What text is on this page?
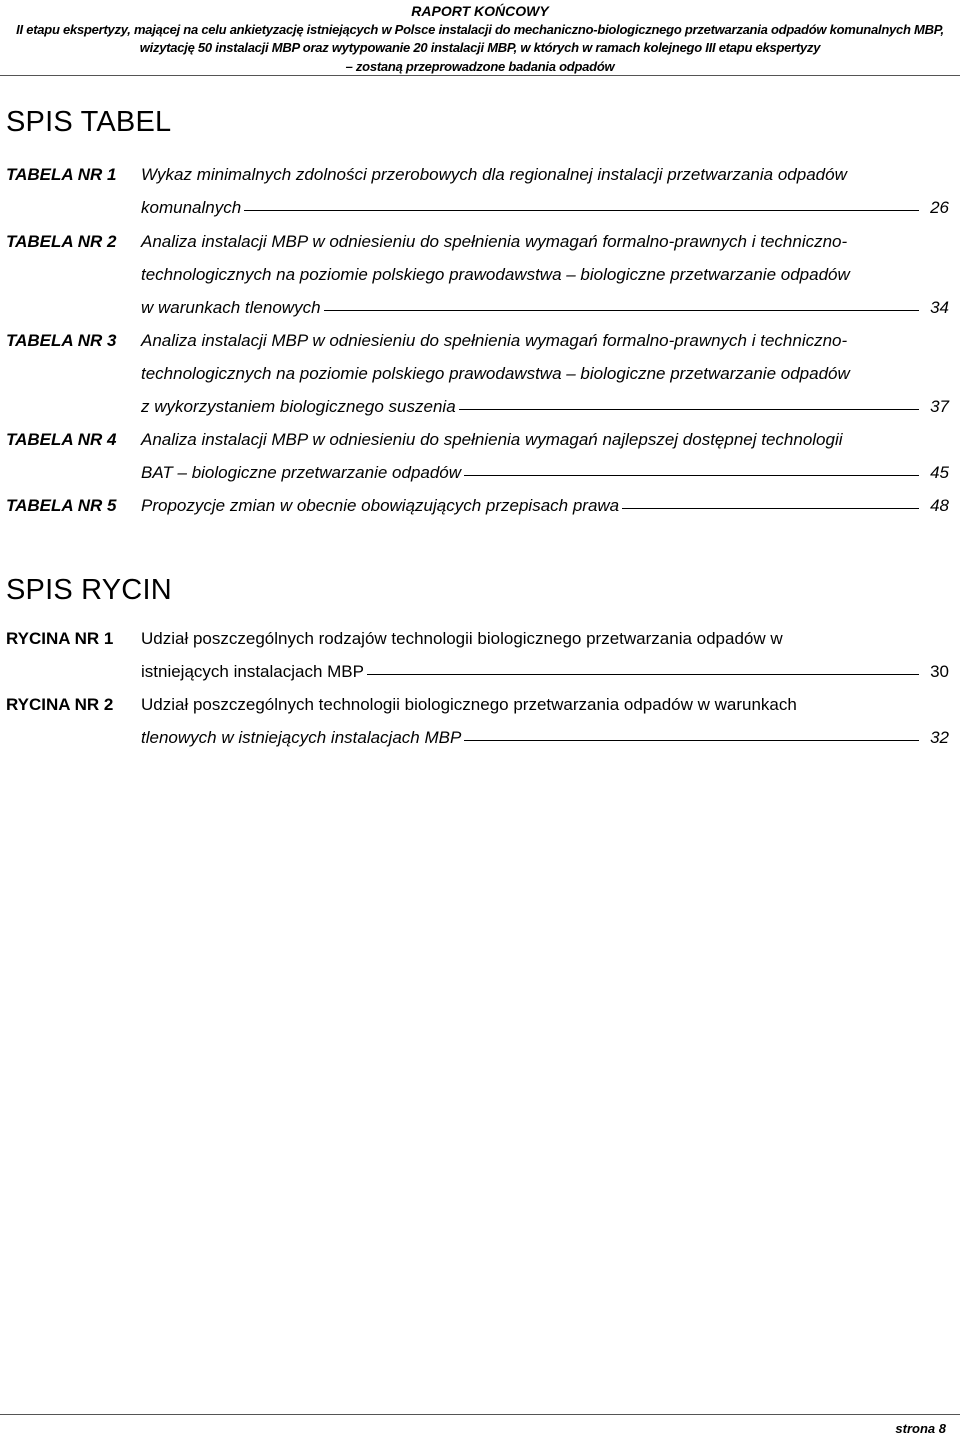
RAPORT KOŃCOWY
II etapu ekspertyzy, mającej na celu ankietyzację istniejących w Polsce instalacji do mechaniczno-biologicznego przetwarzania odpadów komunalnych MBP,
wizytację 50 instalacji MBP oraz wytypowanie 20 instalacji MBP, w których w ramach kolejnego III etapu ekspertyzy
– zostaną przeprowadzone badania odpadów
SPIS TABEL
TABELA NR 1 Wykaz minimalnych zdolności przerobowych dla regionalnej instalacji przetwarzania odpadów
komunalnych	26
TABELA NR 2 Analiza instalacji MBP w odniesieniu do spełnienia wymagań formalno-prawnych i techniczno-
technologicznych na poziomie polskiego prawodawstwa – biologiczne przetwarzanie odpadów
w warunkach tlenowych	34
TABELA NR 3 Analiza instalacji MBP w odniesieniu do spełnienia wymagań formalno-prawnych i techniczno-
technologicznych na poziomie polskiego prawodawstwa – biologiczne przetwarzanie odpadów
z wykorzystaniem biologicznego suszenia	37
TABELA NR 4 Analiza instalacji MBP w odniesieniu do spełnienia wymagań najlepszej dostępnej technologii
BAT – biologiczne przetwarzanie odpadów	45
TABELA NR 5 Propozycje zmian w obecnie obowiązujących przepisach prawa	48
SPIS RYCIN
RYCINA NR 1 Udział poszczególnych rodzajów technologii biologicznego przetwarzania odpadów w
istniejących instalacjach MBP	30
RYCINA NR 2 Udział poszczególnych technologii biologicznego przetwarzania odpadów w warunkach
tlenowych w istniejących instalacjach MBP	32
strona 8
